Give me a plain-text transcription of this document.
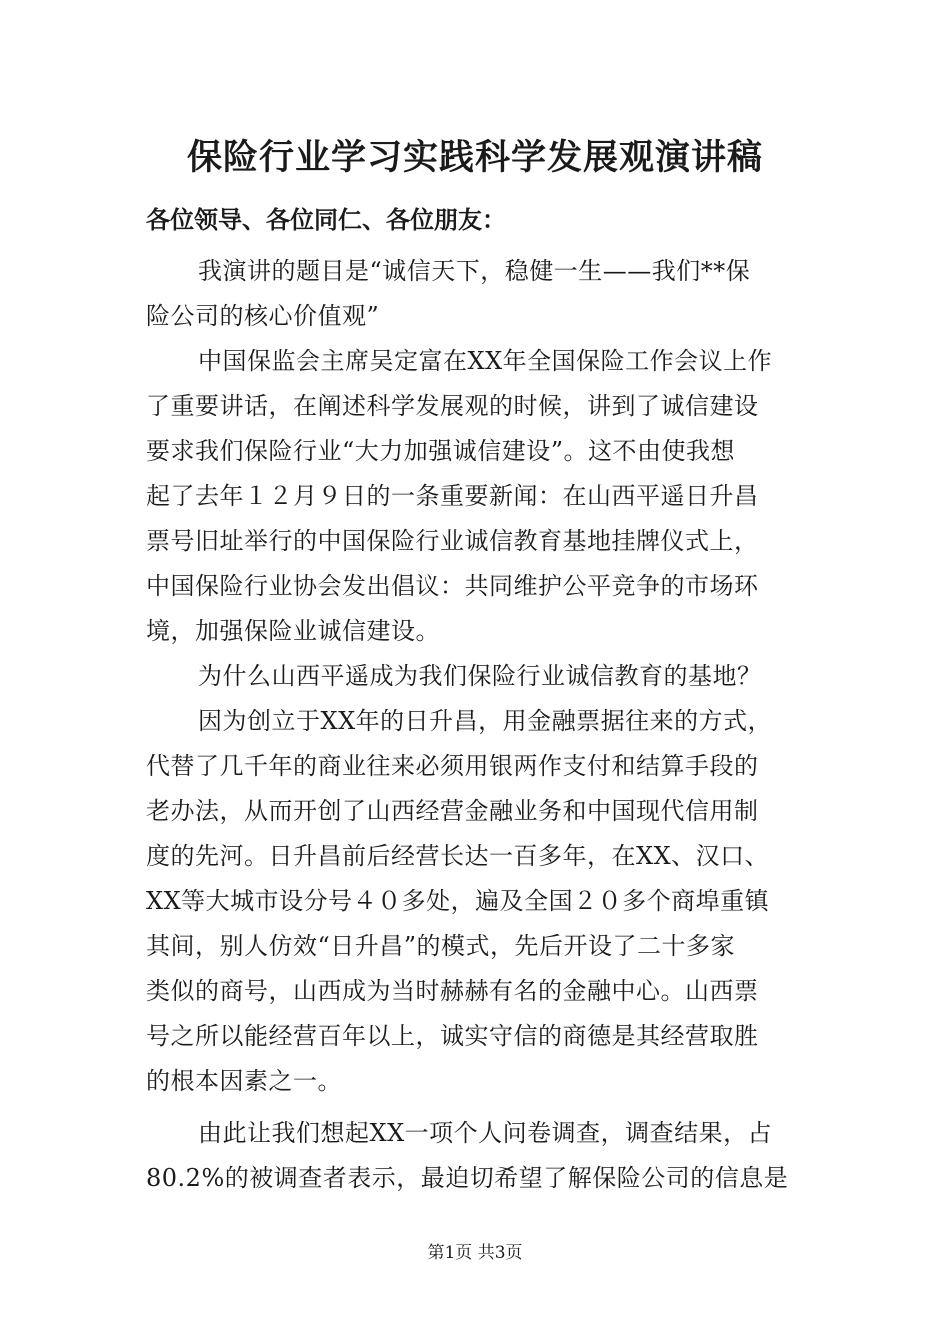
保险行业学习实践科学发展观演讲稿
各位领导、各位同仁、各位朋友：
我演讲的题目是“诚信天下，稳健一生——我们**保
险公司的核心价值观”
中国保监会主席吴定富在XX年全国保险工作会议上作
了重要讲话，在阐述科学发展观的时候，讲到了诚信建设
要求我们保险行业“大力加强诚信建设”。这不由使我想
起了去年１２月９日的一条重要新闻：在山西平遥日升昌
票号旧址举行的中国保险行业诚信教育基地挂牌仪式上，
中国保险行业协会发出倡议：共同维护公平竞争的市场环
境，加强保险业诚信建设。
为什么山西平遥成为我们保险行业诚信教育的基地？
因为创立于XX年的日升昌，用金融票据往来的方式，
代替了几千年的商业往来必须用银两作支付和结算手段的
老办法，从而开创了山西经营金融业务和中国现代信用制
度的先河。日升昌前后经营长达一百多年，在XX、汉口、
XX等大城市设分号４０多处，遍及全国２０多个商埠重镇
其间，别人仿效“日升昌”的模式，先后开设了二十多家
类似的商号，山西成为当时赫赫有名的金融中心。山西票
号之所以能经营百年以上，诚实守信的商德是其经营取胜
的根本因素之一。
由此让我们想起XX一项个人问卷调查，调查结果，占
80.2%的被调查者表示，最迫切希望了解保险公司的信息是
第1页 共3页
